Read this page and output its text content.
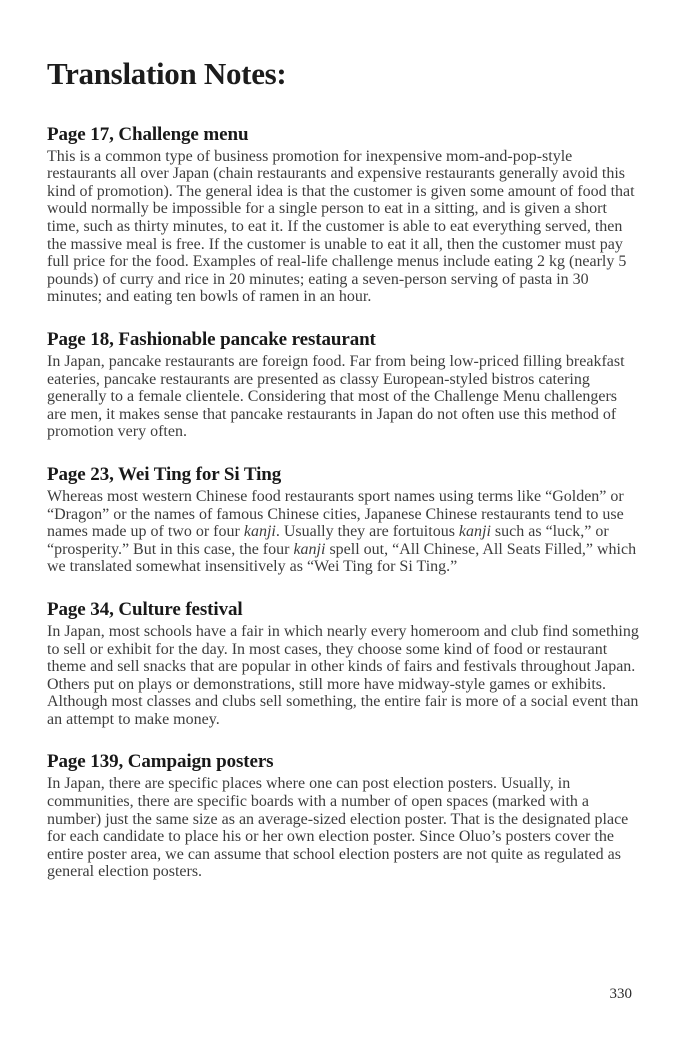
Translation Notes:
Page 17, Challenge menu

This is a common type of business promotion for inexpensive mom-and-pop-style restaurants all over Japan (chain restaurants and expensive restaurants generally avoid this kind of promotion). The general idea is that the customer is given some amount of food that would normally be impossible for a single person to eat in a sitting, and is given a short time, such as thirty minutes, to eat it. If the customer is able to eat everything served, then the massive meal is free. If the customer is unable to eat it all, then the customer must pay full price for the food. Examples of real-life challenge menus include eating 2 kg (nearly 5 pounds) of curry and rice in 20 minutes; eating a seven-person serving of pasta in 30 minutes; and eating ten bowls of ramen in an hour.

Page 18, Fashionable pancake restaurant

In Japan, pancake restaurants are foreign food. Far from being low-priced filling breakfast eateries, pancake restaurants are presented as classy European-styled bistros catering generally to a female clientele. Considering that most of the Challenge Menu challengers are men, it makes sense that pancake restaurants in Japan do not often use this method of promotion very often.

Page 23, Wei Ting for Si Ting

Whereas most western Chinese food restaurants sport names using terms like “Golden” or “Dragon” or the names of famous Chinese cities, Japanese Chinese restaurants tend to use names made up of two or four kanji. Usually they are fortuitous kanji such as “luck,” or “prosperity.” But in this case, the four kanji spell out, “All Chinese, All Seats Filled,” which we translated somewhat insensitively as “Wei Ting for Si Ting.”

Page 34, Culture festival

In Japan, most schools have a fair in which nearly every homeroom and club find something to sell or exhibit for the day. In most cases, they choose some kind of food or restaurant theme and sell snacks that are popular in other kinds of fairs and festivals throughout Japan. Others put on plays or demonstrations, still more have midway-style games or exhibits. Although most classes and clubs sell something, the entire fair is more of a social event than an attempt to make money.

Page 139, Campaign posters

In Japan, there are specific places where one can post election posters. Usually, in communities, there are specific boards with a number of open spaces (marked with a number) just the same size as an average-sized election poster. That is the designated place for each candidate to place his or her own election poster. Since Oluo’s posters cover the entire poster area, we can assume that school election posters are not quite as regulated as general election posters.

330
